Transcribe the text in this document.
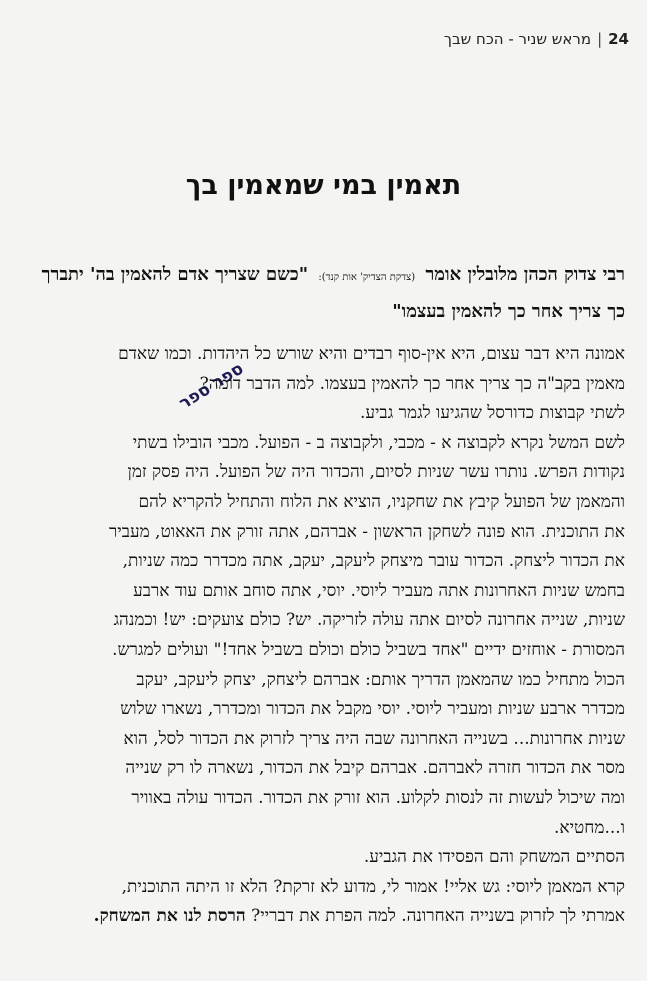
24|מראש שניר - הכח שבך
תאמין במי שמאמין בך
רבי צדוק הכהן מלובלין אומר (צדקת הצדיק' אות קנד): "כשם שצריך אדם להאמין בה' יתברך כך צריך אחר כך להאמין בעצמו"
ספר ספר

אמונה היא דבר עצום, היא אין-סוף רבדים והיא שורש כל היהדות. וכמו שאדם
מאמין בקב"ה כך צריך אחר כך להאמין בעצמו. למה הדבר דומה?
לשתי קבוצות כדורסל שהגיעו לגמר גביע.
לשם המשל נקרא לקבוצה א - מכבי, ולקבוצה ב - הפועל. מכבי הובילו בשתי
נקודות הפרש. נותרו עשר שניות לסיום, והכדור היה של הפועל. היה פסק זמן
והמאמן של הפועל קיבץ את שחקניו, הוציא את הלוח והתחיל להקריא להם
את התוכנית. הוא פונה לשחקן הראשון - אברהם, אתה זורק את האאוט, מעביר
את הכדור ליצחק. הכדור עובר מיצחק ליעקב, יעקב, אתה מכדרר כמה שניות,
בחמש שניות האחרונות אתה מעביר ליוסי. יוסי, אתה סוחב אותם עוד ארבע
שניות, שנייה אחרונה לסיום אתה עולה לזריקה. יש? כולם צועקים: יש! וכמנהג
המסורת - אוחזים ידיים "אחד בשביל כולם וכולם בשביל אחד!" ועולים למגרש.
הכול מתחיל כמו שהמאמן הדריך אותם: אברהם ליצחק, יצחק ליעקב, יעקב
מכדרר ארבע שניות ומעביר ליוסי. יוסי מקבל את הכדור ומכדרר, נשארו שלוש
שניות אחרונות... בשנייה האחרונה שבה היה צריך לזרוק את הכדור לסל, הוא
מסר את הכדור חזרה לאברהם. אברהם קיבל את הכדור, נשארה לו רק שנייה
ומה שיכול לעשות זה לנסות לקלוע. הוא זורק את הכדור. הכדור עולה באוויר
ו...מחטיא.
הסתיים המשחק והם הפסידו את הגביע.
קרא המאמן ליוסי: גש אליי! אמור לי, מדוע לא זרקת? הלא זו היתה התוכנית,
אמרתי לך לזרוק בשנייה האחרונה. למה הפרת את דבריי? הרסת לנו את המשחק.
